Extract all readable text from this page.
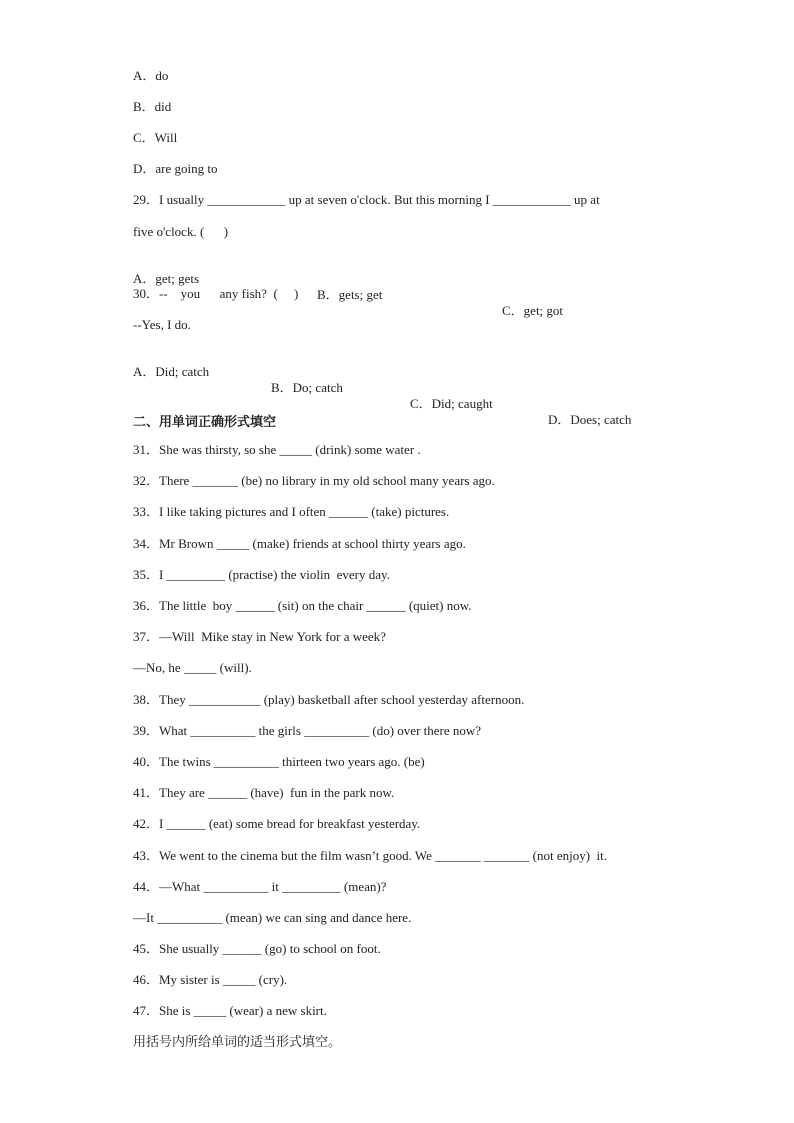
A．do
B．did
C．Will
D．are going to
29．I usually ____________ up at seven o'clock. But this morning I ____________ up at
five o'clock. (      )

A．get; gets

B．gets; get

C．get; got

30．--    you      any fish?  (     )
--Yes, I do.

A．Did; catch

B．Do; catch

C．Did; caught

D．Does; catch

二、用单词正确形式填空
31．She was thirsty, so she _____ (drink) some water .
32．There _______ (be) no library in my old school many years ago.
33．I like taking pictures and I often ______ (take) pictures.
34．Mr Brown _____ (make) friends at school thirty years ago.
35．I _________ (practise) the violin  every day.
36．The little  boy ______ (sit) on the chair ______ (quiet) now.
37．—Will  Mike stay in New York for a week?
—No, he _____ (will).
38．They ___________ (play) basketball after school yesterday afternoon.
39．What __________ the girls __________ (do) over there now?
40．The twins __________ thirteen two years ago. (be)
41．They are ______ (have)  fun in the park now.
42．I ______ (eat) some bread for breakfast yesterday.
43．We went to the cinema but the film wasn’t good. We _______ _______ (not enjoy)  it.
44．—What __________ it _________ (mean)?
—It __________ (mean) we can sing and dance here.
45．She usually ______ (go) to school on foot.
46．My sister is _____ (cry).
47．She is _____ (wear) a new skirt.
用括号内所给单词的适当形式填空。
